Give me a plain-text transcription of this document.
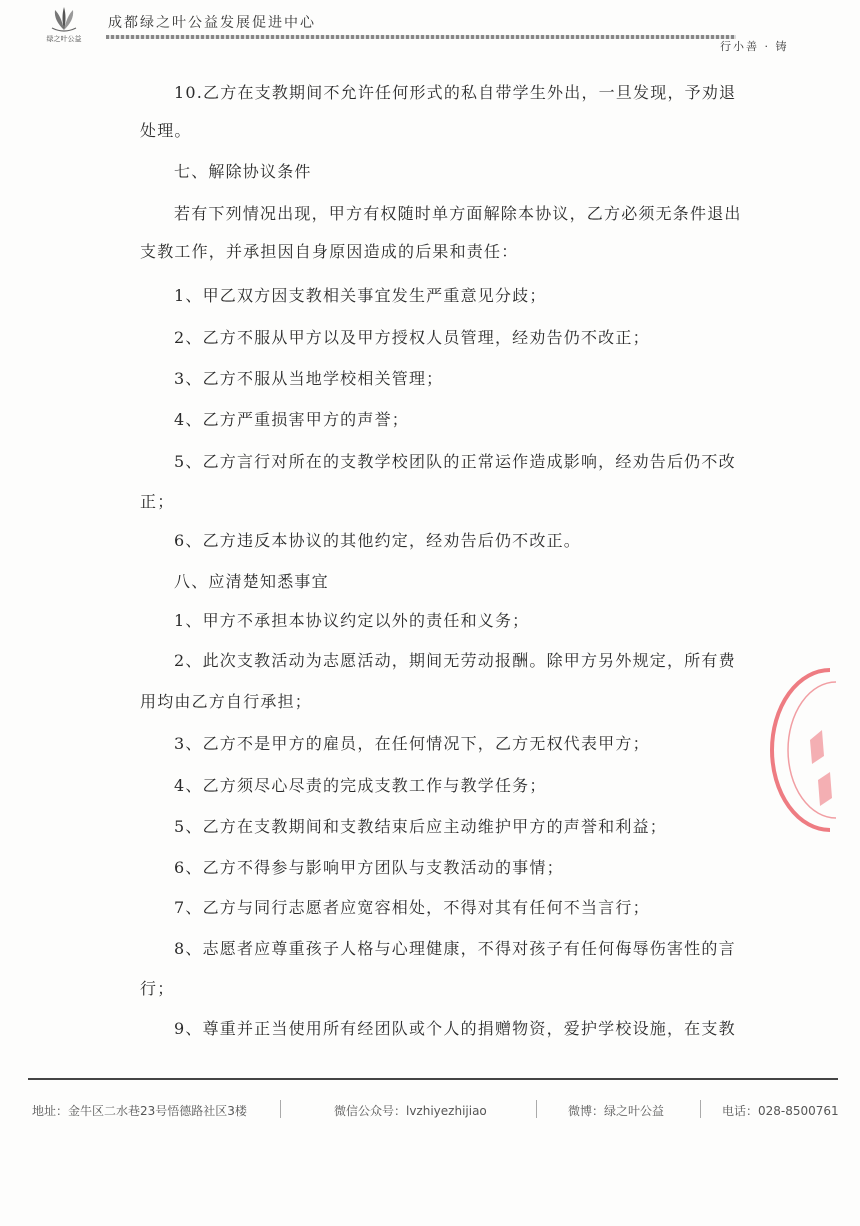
绿之叶公益
成都绿之叶公益发展促进中心
行小善 · 铸
10.乙方在支教期间不允许任何形式的私自带学生外出，一旦发现，予劝退
处理。
七、解除协议条件
若有下列情况出现，甲方有权随时单方面解除本协议，乙方必须无条件退出
支教工作，并承担因自身原因造成的后果和责任：
1、甲乙双方因支教相关事宜发生严重意见分歧；
2、乙方不服从甲方以及甲方授权人员管理，经劝告仍不改正；
3、乙方不服从当地学校相关管理；
4、乙方严重损害甲方的声誉；
5、乙方言行对所在的支教学校团队的正常运作造成影响，经劝告后仍不改
正；
6、乙方违反本协议的其他约定，经劝告后仍不改正。
八、应清楚知悉事宜
1、甲方不承担本协议约定以外的责任和义务；
2、此次支教活动为志愿活动，期间无劳动报酬。除甲方另外规定，所有费
用均由乙方自行承担；
3、乙方不是甲方的雇员，在任何情况下，乙方无权代表甲方；
4、乙方须尽心尽责的完成支教工作与教学任务；
5、乙方在支教期间和支教结束后应主动维护甲方的声誉和利益；
6、乙方不得参与影响甲方团队与支教活动的事情；
7、乙方与同行志愿者应宽容相处，不得对其有任何不当言行；
8、志愿者应尊重孩子人格与心理健康，不得对孩子有任何侮辱伤害性的言
行；
9、尊重并正当使用所有经团队或个人的捐赠物资，爱护学校设施，在支教
地址：金牛区二水巷23号悟德路社区3楼	微信公众号：lvzhiyezhijiao	微博：绿之叶公益	电话：028-8500761
